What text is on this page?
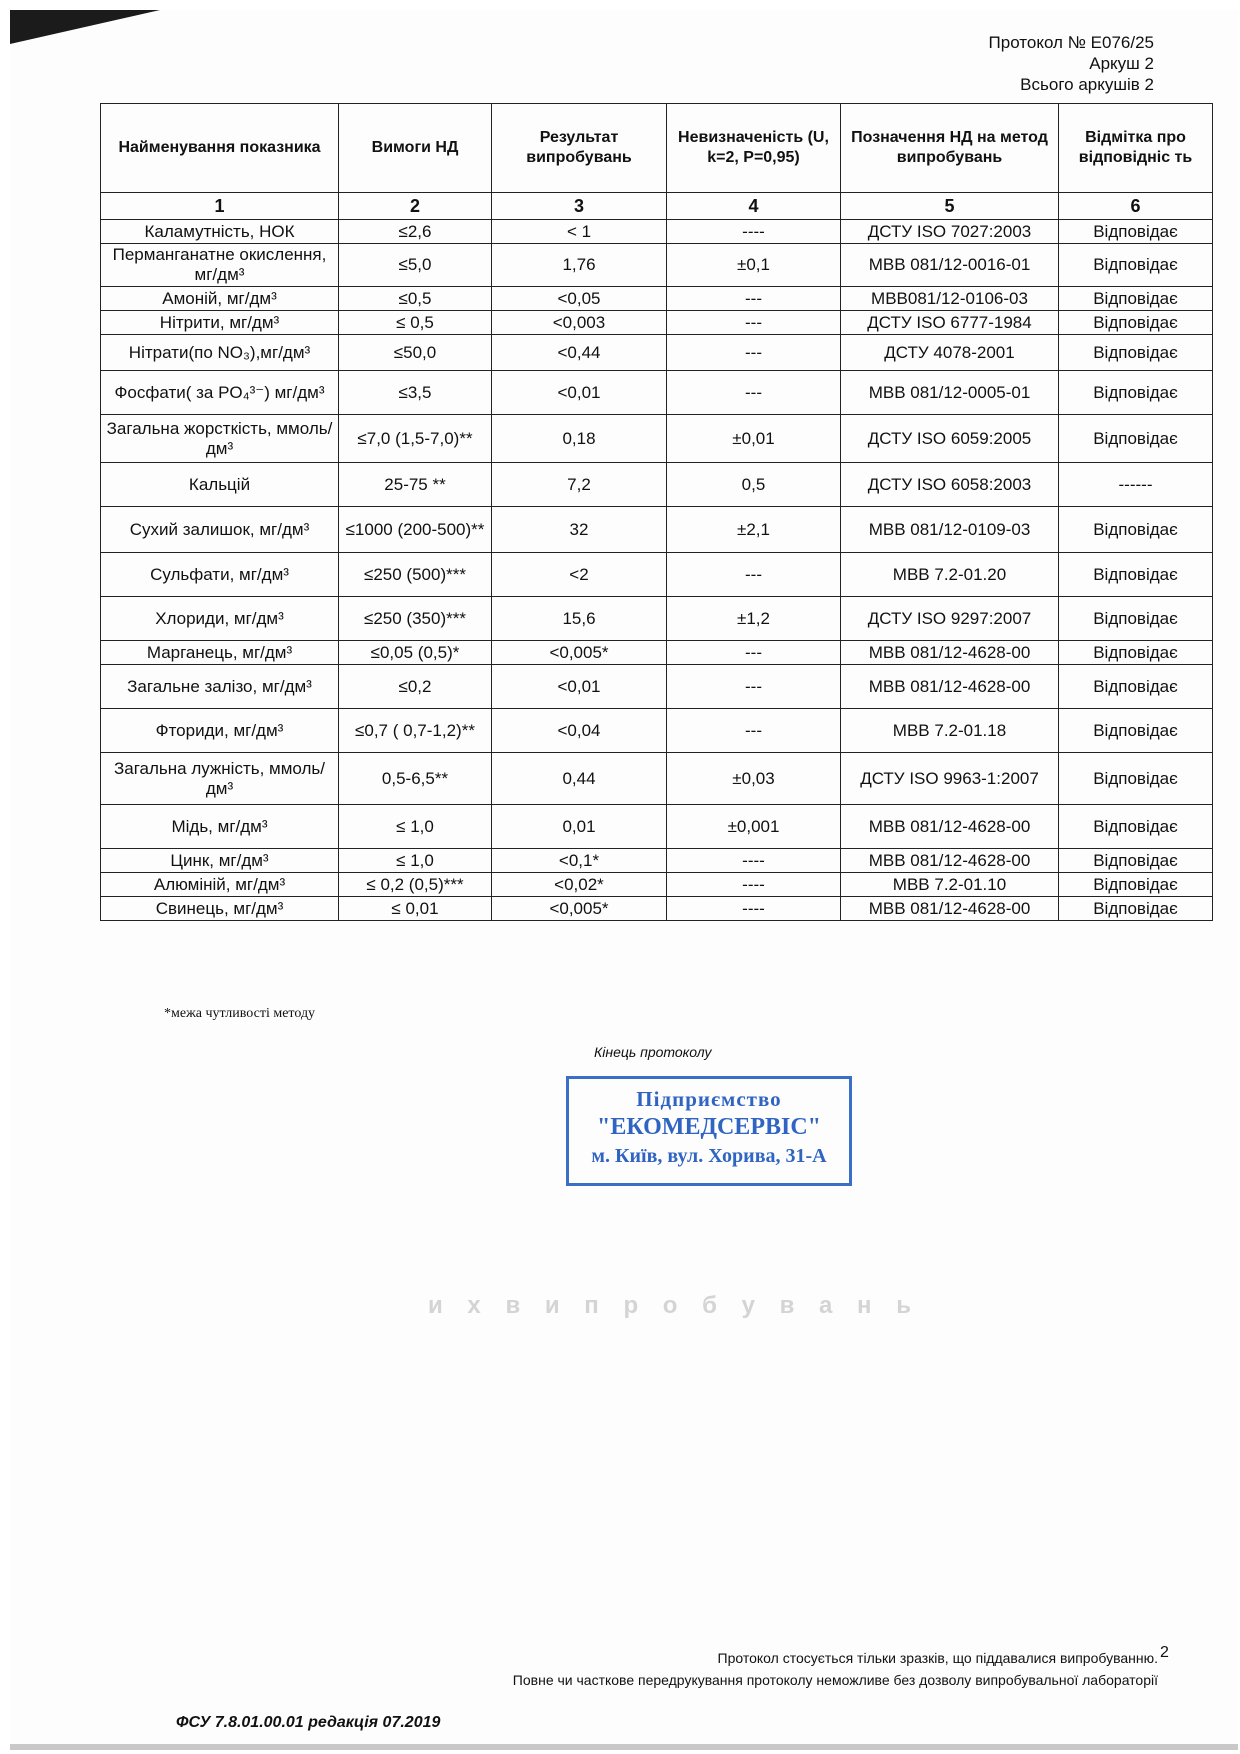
Протокол № Е076/25
Аркуш 2
Всього аркушів 2
Найменування показника	Вимоги НД	Результат випробувань	Невизначеність (U, k=2, P=0,95)	Позначення НД на метод випробувань	Відмітка про відповідніс ть
1	2	3	4	5	6
Каламутність, НОК	≤2,6	< 1	----	ДСТУ ISO 7027:2003	Відповідає
Перманганатне окислення, мг/дм³	≤5,0	1,76	±0,1	МВВ 081/12-0016-01	Відповідає
Амоній, мг/дм³	≤0,5	<0,05	---	МВВ081/12-0106-03	Відповідає
Нітрити, мг/дм³	≤ 0,5	<0,003	---	ДСТУ ISO 6777-1984	Відповідає
Нітрати(по NO₃),мг/дм³	≤50,0	<0,44	---	ДСТУ 4078-2001	Відповідає
Фосфати( за PO₄³⁻) мг/дм³	≤3,5	<0,01	---	МВВ 081/12-0005-01	Відповідає
Загальна жорсткість, ммоль/дм³	≤7,0 (1,5-7,0)**	0,18	±0,01	ДСТУ ISO 6059:2005	Відповідає
Кальцій	25-75 **	7,2	0,5	ДСТУ ISO 6058:2003	------
Сухий залишок, мг/дм³	≤1000 (200-500)**	32	±2,1	МВВ 081/12-0109-03	Відповідає
Сульфати, мг/дм³	≤250 (500)***	<2	---	МВВ 7.2-01.20	Відповідає
Хлориди, мг/дм³	≤250 (350)***	15,6	±1,2	ДСТУ ISO 9297:2007	Відповідає
Марганець, мг/дм³	≤0,05 (0,5)*	<0,005*	---	МВВ 081/12-4628-00	Відповідає
Загальне залізо, мг/дм³	≤0,2	<0,01	---	МВВ 081/12-4628-00	Відповідає
Фториди, мг/дм³	≤0,7 ( 0,7-1,2)**	<0,04	---	МВВ 7.2-01.18	Відповідає
Загальна лужність, ммоль/дм³	0,5-6,5**	0,44	±0,03	ДСТУ ISO 9963-1:2007	Відповідає
Мідь, мг/дм³	≤ 1,0	0,01	±0,001	МВВ 081/12-4628-00	Відповідає
Цинк, мг/дм³	≤ 1,0	<0,1*	----	МВВ 081/12-4628-00	Відповідає
Алюміній, мг/дм³	≤ 0,2 (0,5)***	<0,02*	----	МВВ 7.2-01.10	Відповідає
Свинець, мг/дм³	≤ 0,01	<0,005*	----	МВВ 081/12-4628-00	Відповідає
*межа чутливості методу
Кінець протоколу
Підприємство
"ЕКОМЕДСЕРВІС"
м. Київ, вул. Хорива, 31-А
и х в и п р о б у в а н ь
Протокол стосується тільки зразків, що піддавалися випробуванню. 2
Повне чи часткове передрукування протоколу неможливе без дозволу випробувальної лабораторії
ФСУ 7.8.01.00.01 редакція 07.2019
